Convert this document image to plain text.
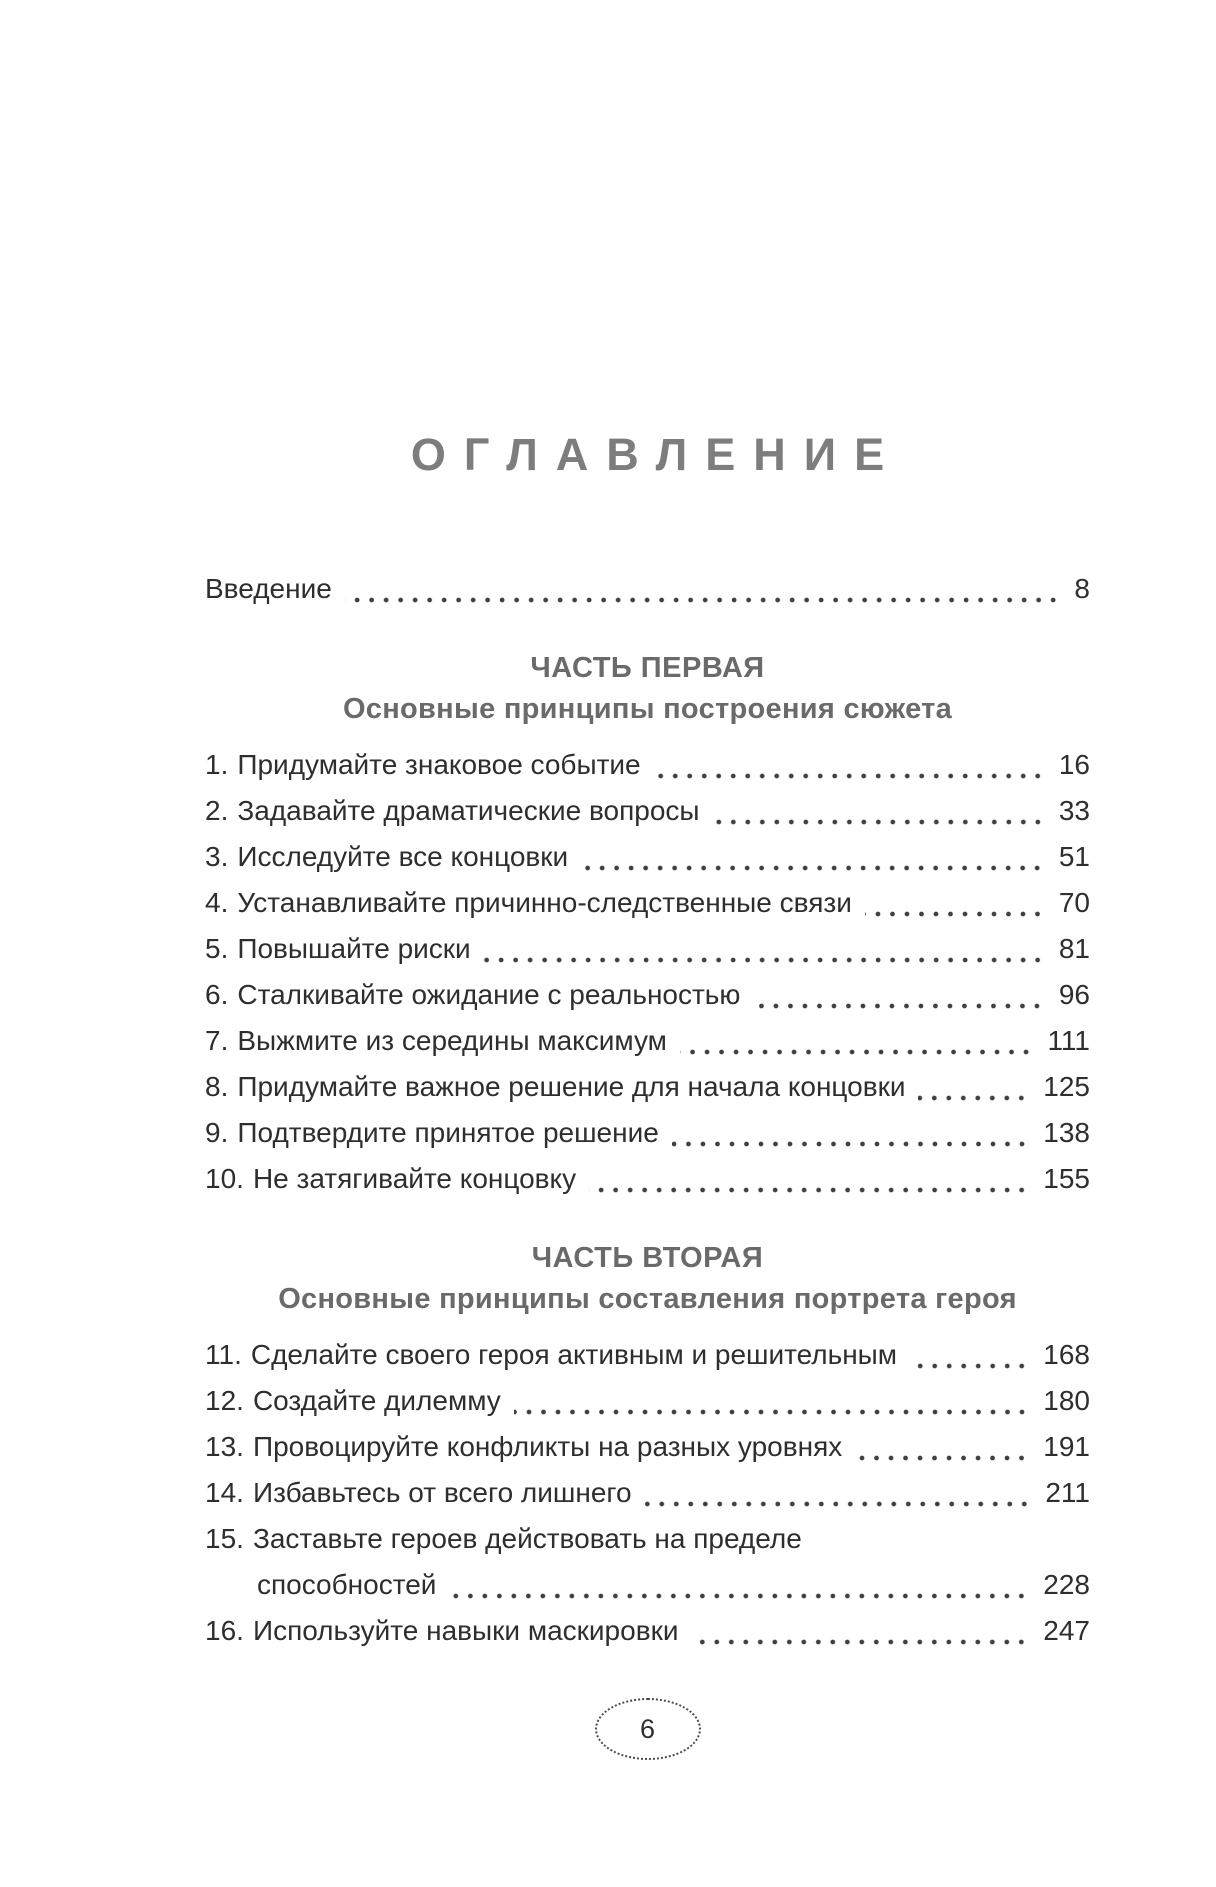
ОГЛАВЛЕНИЕ
Введение	8
ЧАСТЬ ПЕРВАЯ
Основные принципы построения сюжета
1. Придумайте знаковое событие	16
2. Задавайте драматические вопросы	33
3. Исследуйте все концовки	51
4. Устанавливайте причинно-следственные связи	70
5. Повышайте риски	81
6. Сталкивайте ожидание с реальностью	96
7. Выжмите из середины максимум	111
8. Придумайте важное решение для начала концовки	125
9. Подтвердите принятое решение	138
10. Не затягивайте концовку	155
ЧАСТЬ ВТОРАЯ
Основные принципы составления портрета героя
11. Сделайте своего героя активным и решительным	168
12. Создайте дилемму	180
13. Провоцируйте конфликты на разных уровнях	191
14. Избавьтесь от всего лишнего	211
15. Заставьте героев действовать на пределе
способностей	228
16. Используйте навыки маскировки	247
6
